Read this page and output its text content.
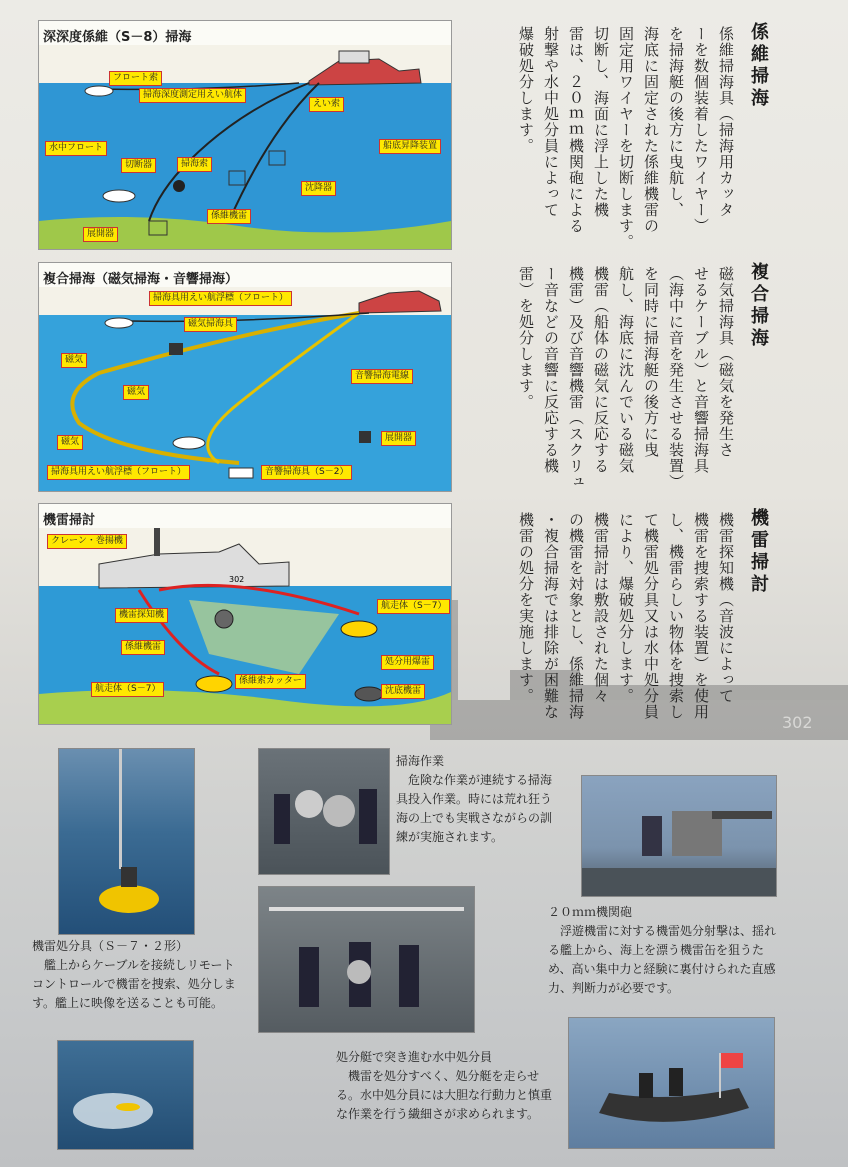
302
深深度係維（S－8）掃海
フロート索
掃海深度測定用えい航体
えい索
船底昇降装置
水中フロート
切断器	掃海索
沈降器
係維機雷
展開器
複合掃海（磁気掃海・音響掃海）
掃海具用えい航浮標（フロート）
磁気掃海具
磁気
磁気
磁気
音響掃海電線
展開器
掃海具用えい航浮標（フロート）	音響掃海具（S－2）
機雷掃討
302
クレーン・巻揚機
機雷探知機
航走体（S－7）
係維機雷
処分用爆雷
航走体（S－7）
係維索カッター
沈底機雷
係維掃海
係維掃海具（掃海用カッタ
ーを数個装着したワイヤー）
を掃海艇の後方に曳航し、
海底に固定された係維機雷の
固定用ワイヤーを切断します。
切断し、海面に浮上した機
雷は、２０ｍｍ機関砲による
射撃や水中処分員によって
爆破処分します。
複合掃海
磁気掃海具（磁気を発生さ
せるケーブル）と音響掃海具
（海中に音を発生させる装置）
を同時に掃海艇の後方に曳
航し、海底に沈んでいる磁気
機雷（船体の磁気に反応する
機雷）及び音響機雷（スクリュ
ー音などの音響に反応する機
雷）を処分します。
機雷掃討
機雷探知機（音波によって
機雷を捜索する装置）を使用
し、機雷らしい物体を捜索し
て機雷処分具又は水中処分員
により、爆破処分します。
機雷掃討は敷設された個々
の機雷を対象とし、係維掃海
・複合掃海では排除が困難な
機雷の処分を実施します。
掃海作業
　危険な作業が連続する掃海具投入作業。時には荒れ狂う海の上でも実戦さながらの訓練が実施されます。
２０ｍｍ機関砲
　浮遊機雷に対する機雷処分射撃は、揺れる艦上から、海上を漂う機雷缶を狙うため、高い集中力と経験に裏付けられた直感力、判断力が必要です。
機雷処分具（Ｓ－７・２形）
　艦上からケーブルを接続しリモートコントロールで機雷を捜索、処分します。艦上に映像を送ることも可能。
処分艇で突き進む水中処分員
　機雷を処分すべく、処分艇を走らせる。水中処分員には大胆な行動力と慎重な作業を行う繊細さが求められます。
